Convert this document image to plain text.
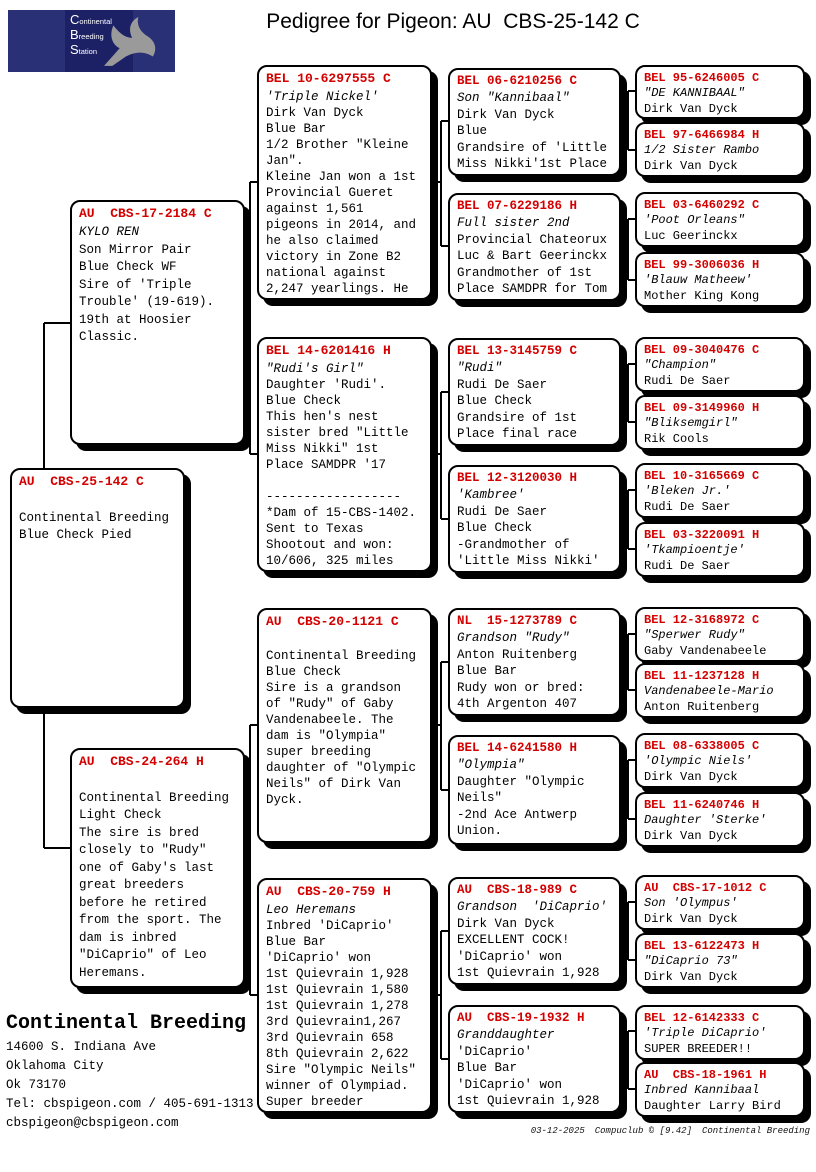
Continental
Breeding
Station
Pedigree for Pigeon: AU  CBS-25-142 C
AU  CBS-25-142 C
Continental Breeding
Blue Check Pied
AU  CBS-17-2184 C
KYLO REN
Son Mirror Pair
Blue Check WF
Sire of 'Triple
Trouble' (19-619).
19th at Hoosier
Classic.
AU  CBS-24-264 H
Continental Breeding
Light Check
The sire is bred
closely to "Rudy"
one of Gaby's last
great breeders
before he retired
from the sport. The
dam is inbred
"DiCaprio" of Leo
Heremans.
BEL 10-6297555 C
'Triple Nickel'
Dirk Van Dyck
Blue Bar
1/2 Brother "Kleine
Jan".
Kleine Jan won a 1st
Provincial Gueret
against 1,561
pigeons in 2014, and
he also claimed
victory in Zone B2
national against
2,247 yearlings. He
BEL 14-6201416 H
"Rudi's Girl"
Daughter 'Rudi'.
Blue Check
This hen's nest
sister bred "Little
Miss Nikki" 1st
Place SAMDPR '17
------------------
*Dam of 15-CBS-1402.
Sent to Texas
Shootout and won:
10/606, 325 miles
AU  CBS-20-1121 C
Continental Breeding
Blue Check
Sire is a grandson
of "Rudy" of Gaby
Vandenabeele. The
dam is "Olympia"
super breeding
daughter of "Olympic
Neils" of Dirk Van
Dyck.
AU  CBS-20-759 H
Leo Heremans
Inbred 'DiCaprio'
Blue Bar
'DiCaprio' won
1st Quievrain 1,928
1st Quievrain 1,580
1st Quievrain 1,278
3rd Quievrain1,267
3rd Quievrain 658
8th Quievrain 2,622
Sire "Olympic Neils"
winner of Olympiad.
Super breeder
BEL 06-6210256 C
Son "Kannibaal"
Dirk Van Dyck
Blue
Grandsire of 'Little
Miss Nikki'1st Place
BEL 07-6229186 H
Full sister 2nd
Provincial Chateorux
Luc & Bart Geerinckx
Grandmother of 1st
Place SAMDPR for Tom
BEL 13-3145759 C
"Rudi"
Rudi De Saer
Blue Check
Grandsire of 1st
Place final race
BEL 12-3120030 H
'Kambree'
Rudi De Saer
Blue Check
-Grandmother of
'Little Miss Nikki'
NL  15-1273789 C
Grandson "Rudy"
Anton Ruitenberg
Blue Bar
Rudy won or bred:
4th Argenton 407
BEL 14-6241580 H
"Olympia"
Daughter "Olympic
Neils"
-2nd Ace Antwerp
Union.
AU  CBS-18-989 C
Grandson  'DiCaprio'
Dirk Van Dyck
EXCELLENT COCK!
'DiCaprio' won
1st Quievrain 1,928
AU  CBS-19-1932 H
Granddaughter
'DiCaprio'
Blue Bar
'DiCaprio' won
1st Quievrain 1,928
BEL 95-6246005 C
"DE KANNIBAAL"
Dirk Van Dyck
BEL 97-6466984 H
1/2 Sister Rambo
Dirk Van Dyck
BEL 03-6460292 C
'Poot Orleans"
Luc Geerinckx
BEL 99-3006036 H
'Blauw Matheew'
Mother King Kong
BEL 09-3040476 C
"Champion"
Rudi De Saer
BEL 09-3149960 H
"Bliksemgirl"
Rik Cools
BEL 10-3165669 C
'Bleken Jr.'
Rudi De Saer
BEL 03-3220091 H
'Tkampioentje'
Rudi De Saer
BEL 12-3168972 C
"Sperwer Rudy"
Gaby Vandenabeele
BEL 11-1237128 H
Vandenabeele-Mario
Anton Ruitenberg
BEL 08-6338005 C
'Olympic Niels'
Dirk Van Dyck
BEL 11-6240746 H
Daughter 'Sterke'
Dirk Van Dyck
AU  CBS-17-1012 C
Son 'Olympus'
Dirk Van Dyck
BEL 13-6122473 H
"DiCaprio 73"
Dirk Van Dyck
BEL 12-6142333 C
'Triple DiCaprio'
SUPER BREEDER!!
AU  CBS-18-1961 H
Inbred Kannibaal
Daughter Larry Bird
Continental Breeding
14600 S. Indiana Ave
Oklahoma City
Ok 73170
Tel: cbspigeon.com / 405-691-1313
cbspigeon@cbspigeon.com
03-12-2025 Compuclub © [9.42] Continental Breeding
